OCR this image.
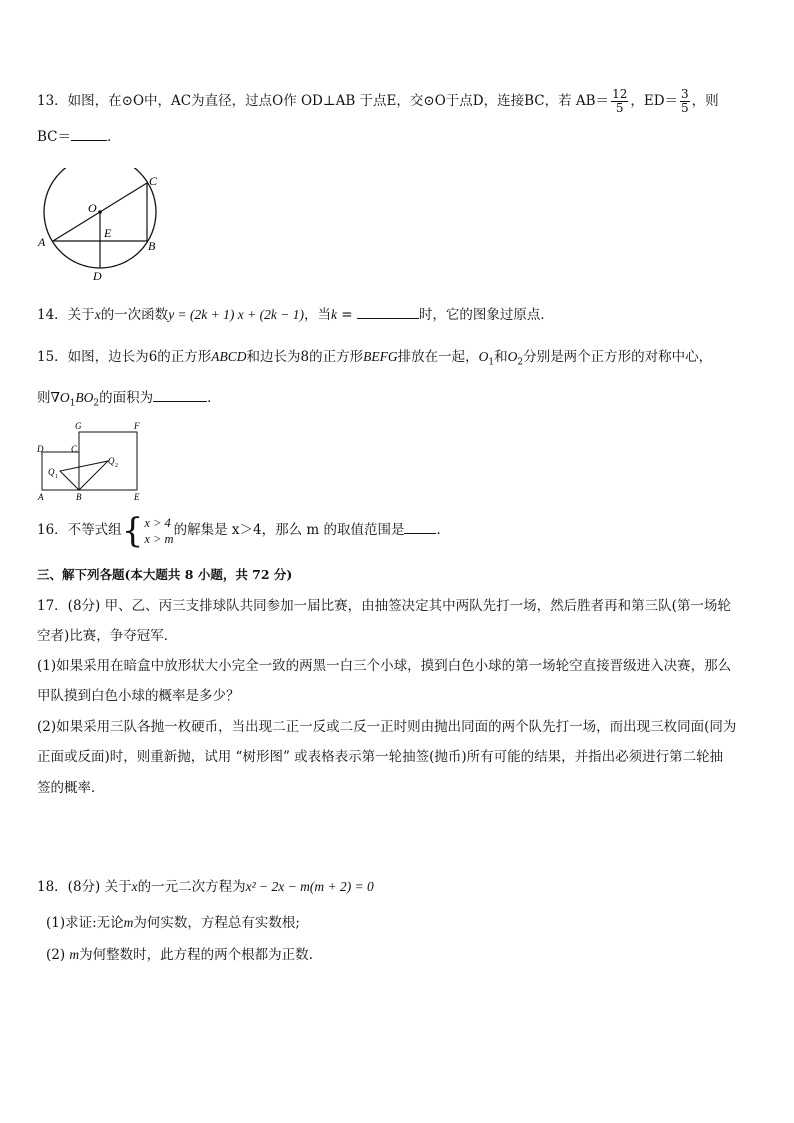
13．如图，在⊙O中，AC为直径，过点O作 OD⊥AB 于点E，交⊙O于点D，连接BC，若 $AB= \frac{12}{5}$ ，$ED= \frac{3}{5}$ ，则
BC＝	．
O
C
E
A	B
D
14．关于x的一次函数y = (2k + 1) x + (2k − 1)，当k =	时，它的图象过原点．
15．如图，边长为6的正方形ABCD和边长为8的正方形BEFG排放在一起，$O_1$和$O_2$分别是两个正方形的对称中心，
则$\nabla O_1BO_2$的面积为	．
D	C
G	F
Q 1
Q 2
A	B	E
16．不等式组{ x > 4
x > m
的解集是 x＞4，那么 m 的取值范围是 ．
三、解下列各题(本大题共 8 小题，共 72 分)
17．(8分) 甲、乙、丙三支排球队共同参加一届比赛，由抽签决定其中两队先打一场，然后胜者再和第三队(第一场轮
空者)比赛，争夺冠军．
(1)如果采用在暗盒中放形状大小完全一致的两黑一白三个小球，摸到白色小球的第一场轮空直接晋级进入决赛，那么
甲队摸到白色小球的概率是多少？
(2)如果采用三队各抛一枚硬币，当出现二正一反或二反一正时则由抛出同面的两个队先打一场，而出现三枚同面(同为
正面或反面)时，则重新抛，试用 “树形图” 或表格表示第一轮抽签(抛币)所有可能的结果，并指出必须进行第二轮抽
签的概率．
18．(8分) 关于x的一元二次方程为x² − 2x − m(m + 2) = 0
(1)求证:无论m为何实数，方程总有实数根;
(2) m为何整数时，此方程的两个根都为正数.
